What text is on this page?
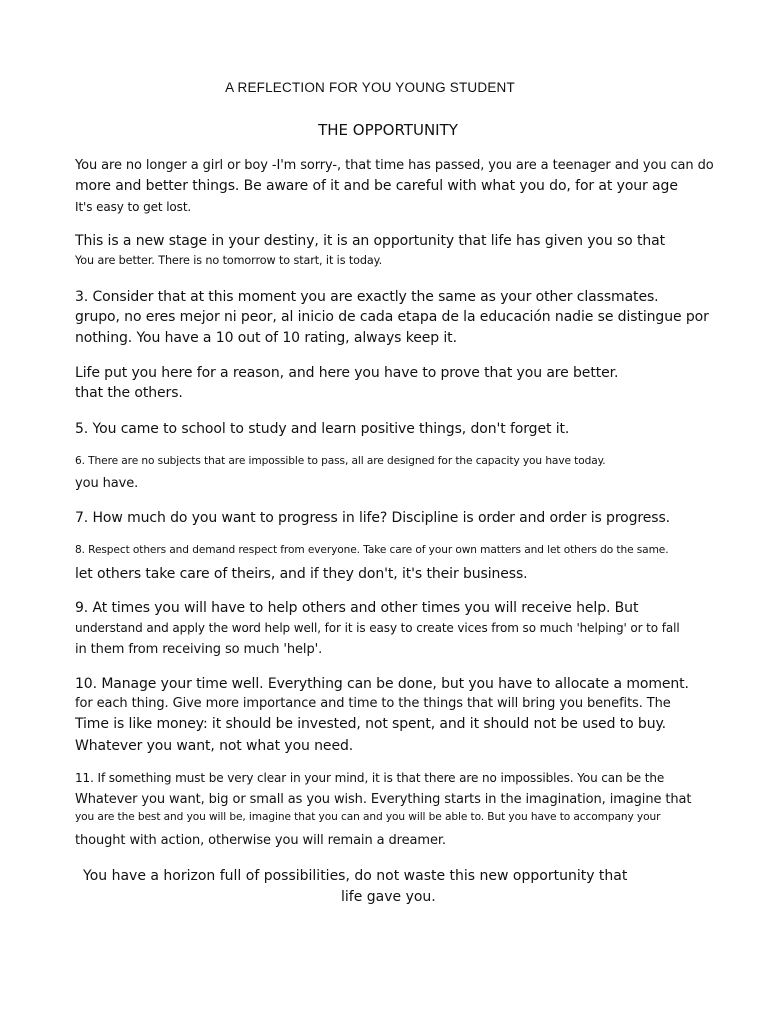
A REFLECTION FOR YOU YOUNG STUDENT
THE OPPORTUNITY
You are no longer a girl or boy -I'm sorry-, that time has passed, you are a teenager and you can do
more and better things. Be aware of it and be careful with what you do, for at your age
It's easy to get lost.
This is a new stage in your destiny, it is an opportunity that life has given you so that
You are better. There is no tomorrow to start, it is today.
3. Consider that at this moment you are exactly the same as your other classmates.
grupo, no eres mejor ni peor, al inicio de cada etapa de la educación nadie se distingue por
nothing. You have a 10 out of 10 rating, always keep it.
Life put you here for a reason, and here you have to prove that you are better.
that the others.
5. You came to school to study and learn positive things, don't forget it.
6. There are no subjects that are impossible to pass, all are designed for the capacity you have today.
you have.
7. How much do you want to progress in life? Discipline is order and order is progress.
8. Respect others and demand respect from everyone. Take care of your own matters and let others do the same.
let others take care of theirs, and if they don't, it's their business.
9. At times you will have to help others and other times you will receive help. But
understand and apply the word help well, for it is easy to create vices from so much 'helping' or to fall
in them from receiving so much 'help'.
10. Manage your time well. Everything can be done, but you have to allocate a moment.
for each thing. Give more importance and time to the things that will bring you benefits. The
Time is like money: it should be invested, not spent, and it should not be used to buy.
Whatever you want, not what you need.
11. If something must be very clear in your mind, it is that there are no impossibles. You can be the
Whatever you want, big or small as you wish. Everything starts in the imagination, imagine that
you are the best and you will be, imagine that you can and you will be able to. But you have to accompany your
thought with action, otherwise you will remain a dreamer.
You have a horizon full of possibilities, do not waste this new opportunity that
life gave you.
